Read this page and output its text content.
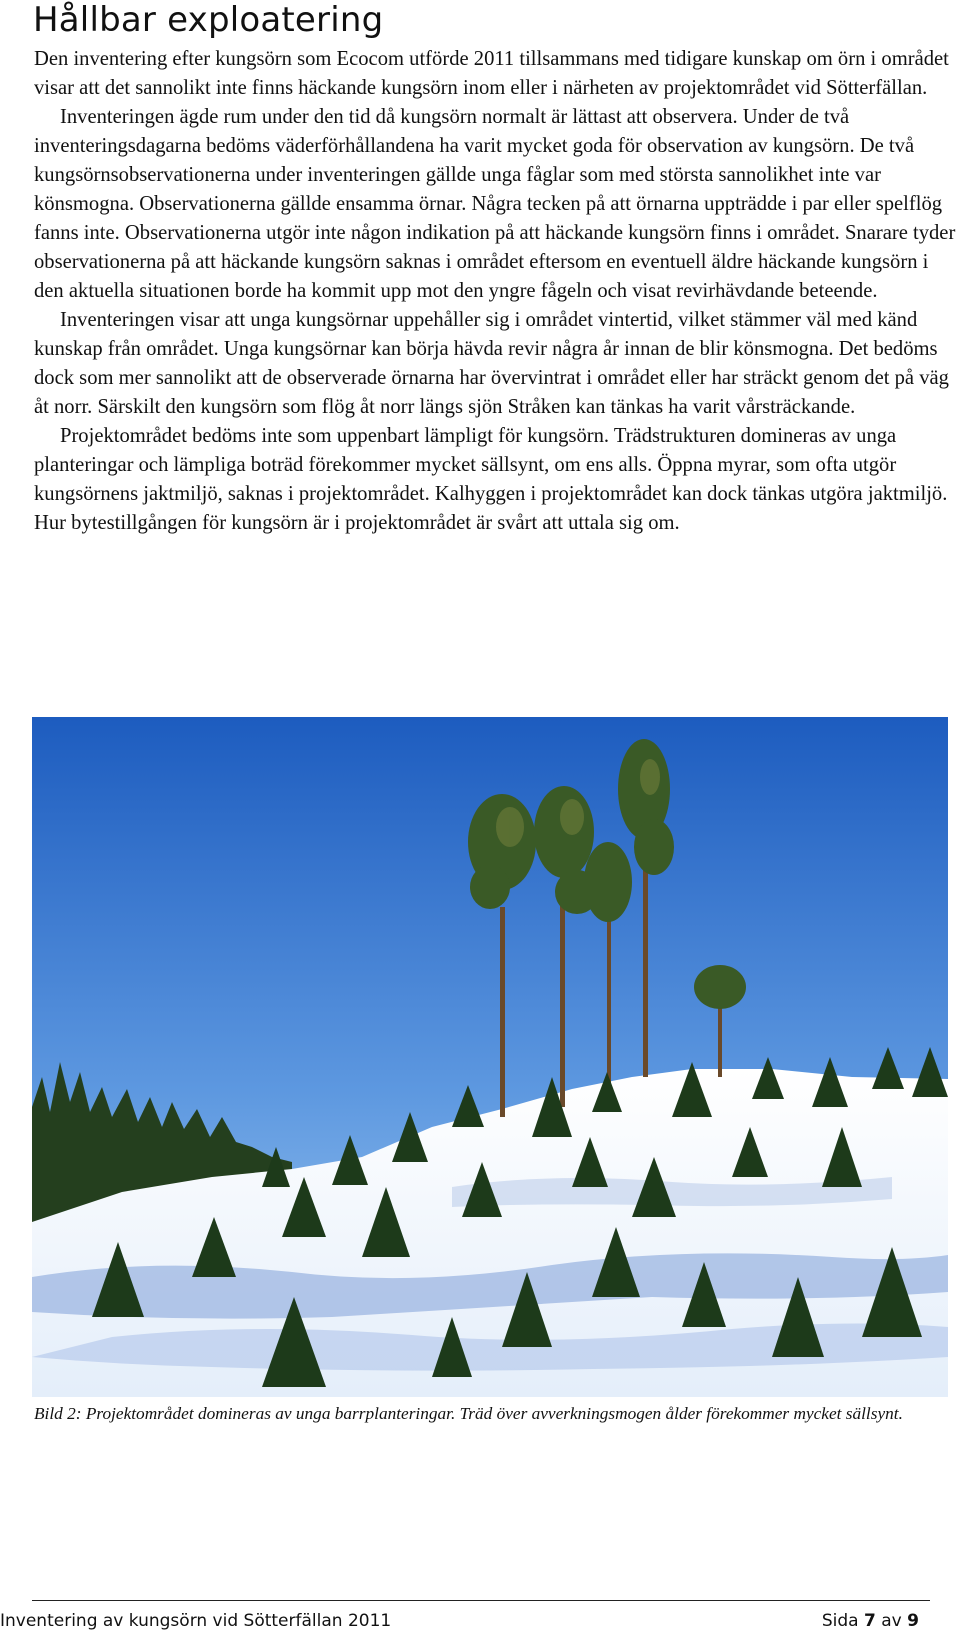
Hållbar exploatering

Den inventering efter kungsörn som Ecocom utförde 2011 tillsammans med tidigare kunskap om örn i området visar att det sannolikt inte finns häckande kungsörn inom eller i närheten av projektområdet vid Sötterfällan.

Inventeringen ägde rum under den tid då kungsörn normalt är lättast att observera. Under de två inventeringsdagarna bedöms väderförhållandena ha varit mycket goda för observation av kungsörn. De två kungsörnsobservationerna under inventeringen gällde unga fåglar som med största sannolikhet inte var könsmogna. Observationerna gällde ensamma örnar. Några tecken på att örnarna uppträdde i par eller spelflög fanns inte. Observationerna utgör inte någon indikation på att häckande kungsörn finns i området. Snarare tyder observationerna på att häckande kungsörn saknas i området eftersom en eventuell äldre häckande kungsörn i den aktuella situationen borde ha kommit upp mot den yngre fågeln och visat revirhävdande beteende.

Inventeringen visar att unga kungsörnar uppehåller sig i området vintertid, vilket stämmer väl med känd kunskap från området. Unga kungsörnar kan börja hävda revir några år innan de blir könsmogna. Det bedöms dock som mer sannolikt att de observerade örnarna har övervintrat i området eller har sträckt genom det på väg åt norr. Särskilt den kungsörn som flög åt norr längs sjön Stråken kan tänkas ha varit vårsträckande.

Projektområdet bedöms inte som uppenbart lämpligt för kungsörn. Trädstrukturen domineras av unga planteringar och lämpliga boträd förekommer mycket sällsynt, om ens alls. Öppna myrar, som ofta utgör kungsörnens jaktmiljö, saknas i projektområdet. Kalhyggen i projektområdet kan dock tänkas utgöra jaktmiljö. Hur bytestillgången för kungsörn är i projektområdet är svårt att uttala sig om.

Bild 2: Projektområdet domineras av unga barrplanteringar. Träd över avverkningsmogen ålder förekommer mycket sällsynt.

Inventering av kungsörn vid Sötterfällan 2011	Sida 7 av 9
